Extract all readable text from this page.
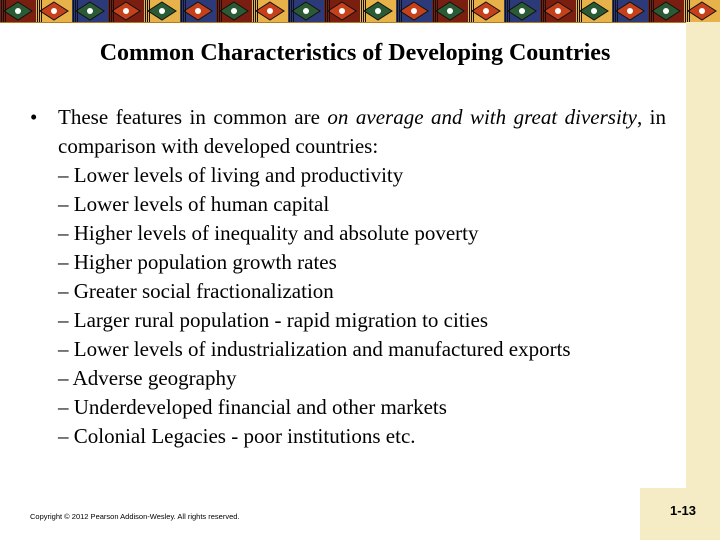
Common Characteristics of Developing Countries
• These features in common are on average and with great diversity, in comparison with developed countries:
– Lower levels of living and productivity
– Lower levels of human capital
– Higher levels of inequality and absolute poverty
– Higher population growth rates
– Greater social fractionalization
– Larger rural population - rapid migration to cities
– Lower levels of industrialization and manufactured exports
– Adverse geography
– Underdeveloped financial and other markets
– Colonial Legacies - poor institutions etc.
Copyright © 2012 Pearson Addison-Wesley. All rights reserved.	1-13
